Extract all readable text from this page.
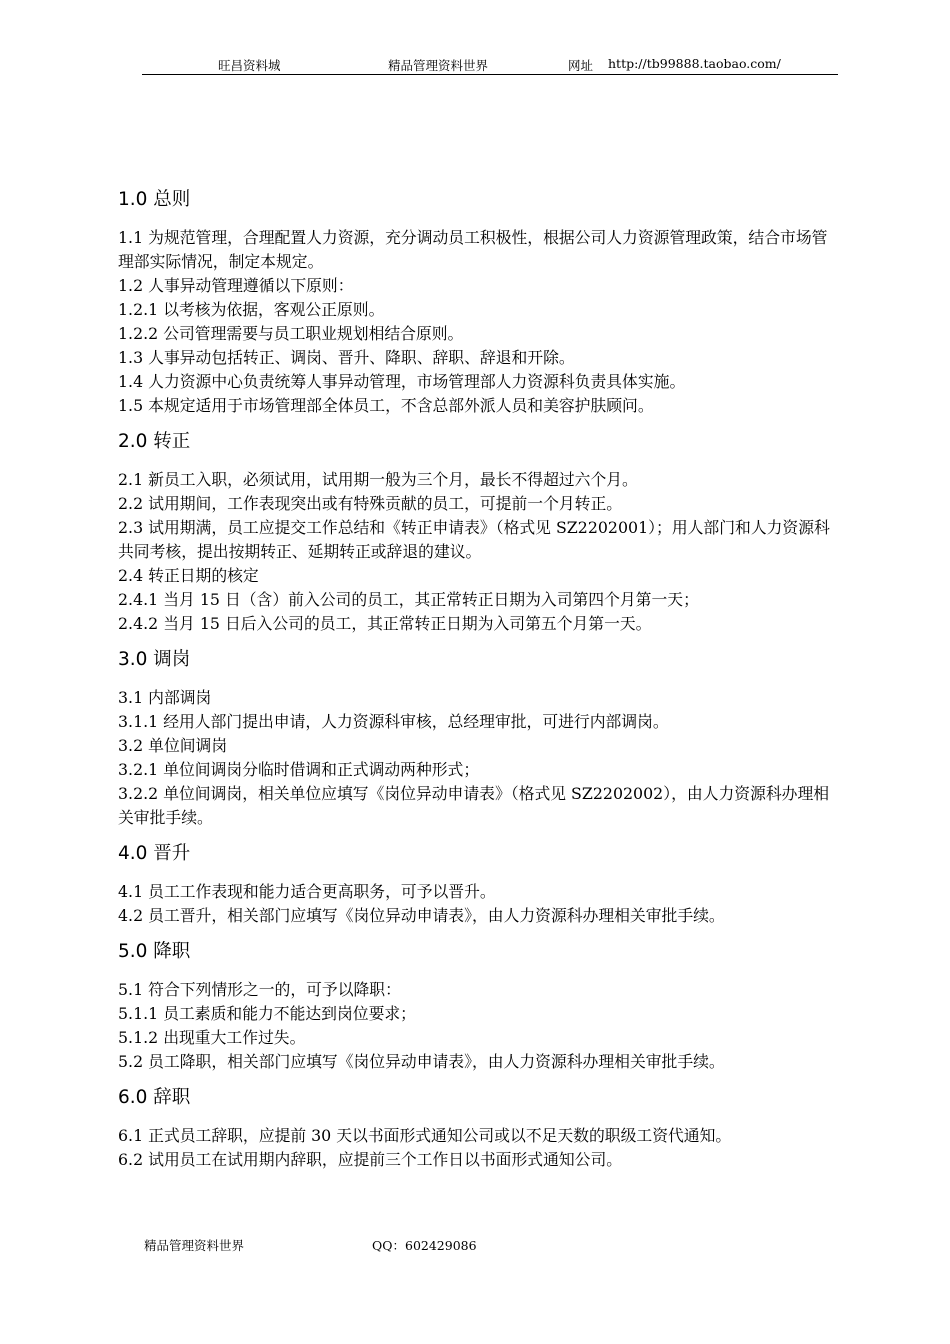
旺昌资料城	精品管理资料世界	网址 http://tb99888.taobao.com/
1.0 总则
1.1 为规范管理，合理配置人力资源，充分调动员工积极性，根据公司人力资源管理政策，结合市场管理部实际情况，制定本规定。
1.2 人事异动管理遵循以下原则：
1.2.1 以考核为依据，客观公正原则。
1.2.2 公司管理需要与员工职业规划相结合原则。
1.3 人事异动包括转正、调岗、晋升、降职、辞职、辞退和开除。
1.4 人力资源中心负责统筹人事异动管理，市场管理部人力资源科负责具体实施。
1.5 本规定适用于市场管理部全体员工，不含总部外派人员和美容护肤顾问。
2.0 转正
2.1 新员工入职，必须试用，试用期一般为三个月，最长不得超过六个月。
2.2 试用期间，工作表现突出或有特殊贡献的员工，可提前一个月转正。
2.3 试用期满，员工应提交工作总结和《转正申请表》（格式见 SZ2202001）；用人部门和人力资源科共同考核，提出按期转正、延期转正或辞退的建议。
2.4 转正日期的核定
2.4.1 当月 15 日（含）前入公司的员工，其正常转正日期为入司第四个月第一天；
2.4.2 当月 15 日后入公司的员工，其正常转正日期为入司第五个月第一天。
3.0 调岗
3.1 内部调岗
3.1.1 经用人部门提出申请，人力资源科审核，总经理审批，可进行内部调岗。
3.2 单位间调岗
3.2.1 单位间调岗分临时借调和正式调动两种形式；
3.2.2 单位间调岗，相关单位应填写《岗位异动申请表》（格式见 SZ2202002），由人力资源科办理相关审批手续。
4.0 晋升
4.1 员工工作表现和能力适合更高职务，可予以晋升。
4.2 员工晋升，相关部门应填写《岗位异动申请表》，由人力资源科办理相关审批手续。
5.0 降职
5.1 符合下列情形之一的，可予以降职：
5.1.1 员工素质和能力不能达到岗位要求；
5.1.2 出现重大工作过失。
5.2 员工降职，相关部门应填写《岗位异动申请表》，由人力资源科办理相关审批手续。
6.0 辞职
6.1 正式员工辞职，应提前 30 天以书面形式通知公司或以不足天数的职级工资代通知。
6.2 试用员工在试用期内辞职，应提前三个工作日以书面形式通知公司。
精品管理资料世界	QQ：602429086
